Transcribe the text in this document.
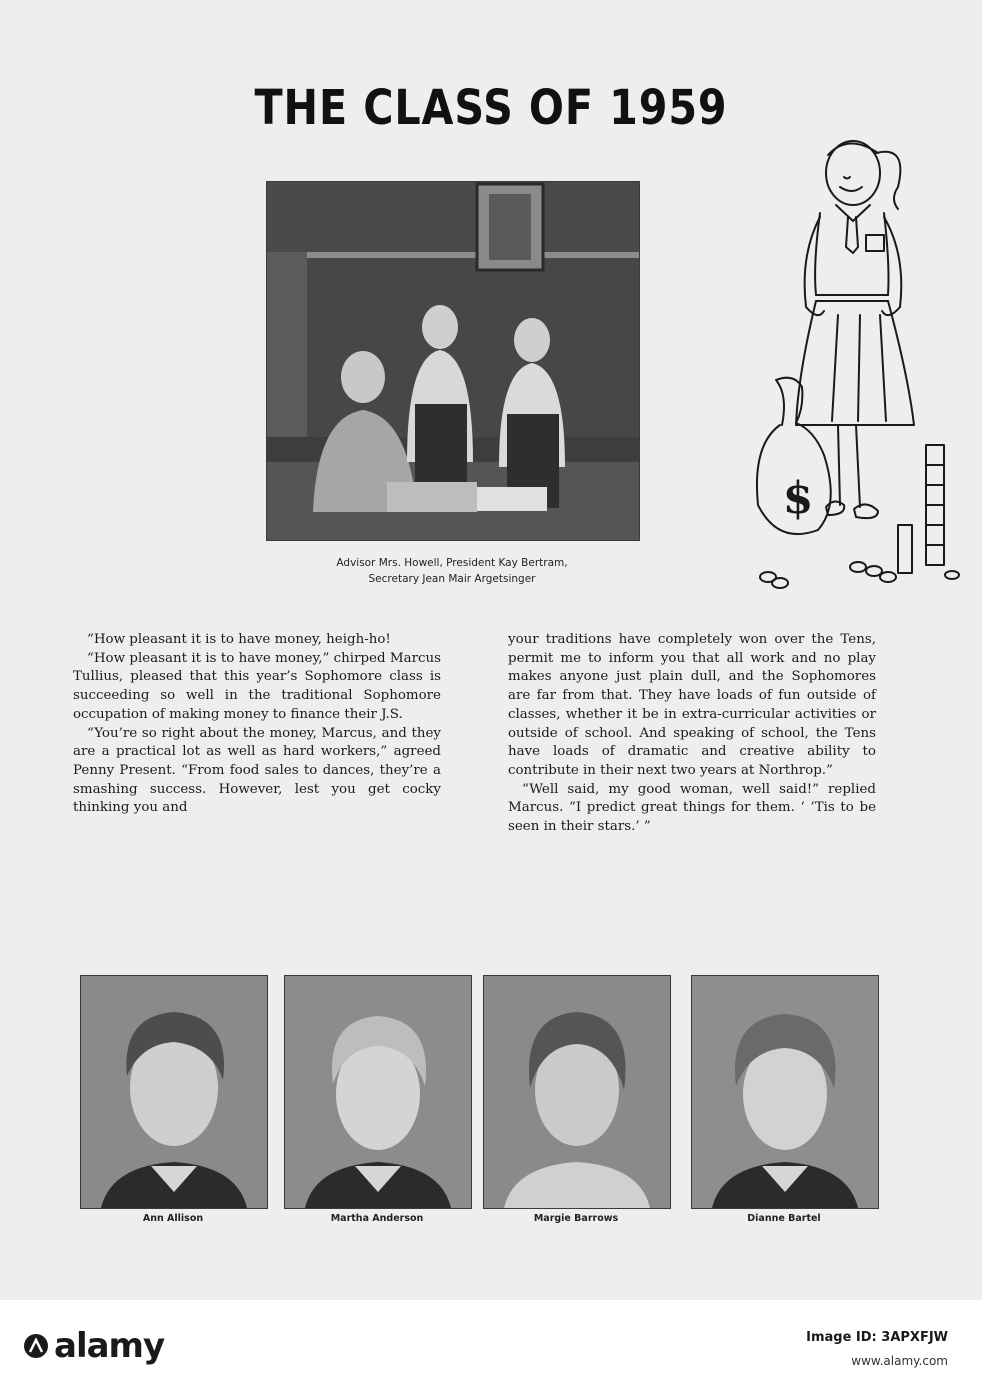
THE CLASS OF 1959
Advisor Mrs. Howell, President Kay Bertram,
Secretary Jean Mair Argetsinger
$

“How pleasant it is to have money, heigh-ho!

“How pleasant it is to have money,” chirped Marcus Tullius, pleased that this year’s Sophomore class is succeeding so well in the traditional Sophomore occupation of making money to finance their J.S.

“You’re so right about the money, Marcus, and they are a practical lot as well as hard workers,” agreed Penny Present. “From food sales to dances, they’re a smashing success. However, lest you get cocky thinking you and

your traditions have completely won over the Tens, permit me to inform you that all work and no play makes anyone just plain dull, and the Sophomores are far from that. They have loads of fun outside of classes, whether it be in extra-curricular activities or outside of school. And speaking of school, the Tens have loads of dramatic and creative ability to contribute in their next two years at Northrop.”

“Well said, my good woman, well said!” replied Marcus. “I predict great things for them. ‘ ’Tis to be seen in their stars.’ ”

Ann Allison	Martha Anderson	Margie Barrows	Dianne Bartel
alamy	Image ID: 3APXFJW
www.alamy.com
